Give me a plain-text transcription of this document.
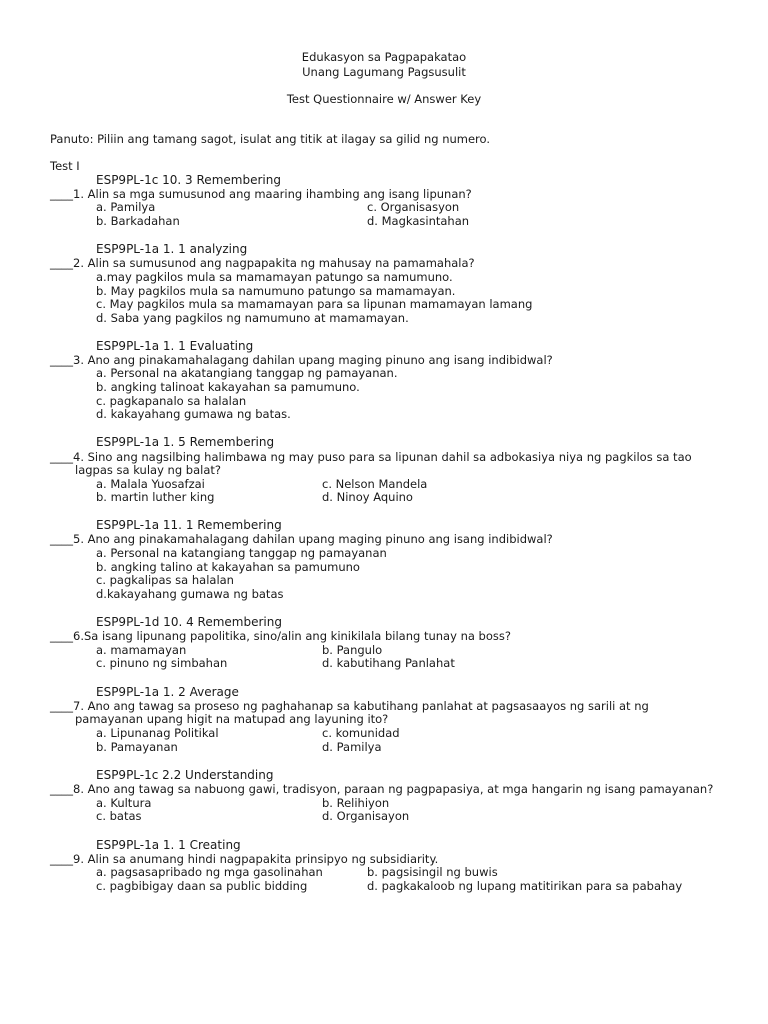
Edukasyon sa Pagpapakatao
Unang Lagumang Pagsusulit
Test Questionnaire w/ Answer Key
Panuto: Piliin ang tamang sagot, isulat ang titik at ilagay sa gilid ng numero.
Test I
ESP9PL-1c 10. 3 Remembering
____1. Alin sa mga sumusunod ang maaring ihambing ang isang lipunan?
a. Pamilya	c. Organisasyon
b. Barkadahan	d. Magkasintahan
ESP9PL-1a 1. 1 analyzing
____2. Alin sa sumusunod ang nagpapakita ng mahusay na pamamahala?
a.may pagkilos mula sa mamamayan patungo sa namumuno.
b. May pagkilos mula sa namumuno patungo sa mamamayan.
c. May pagkilos mula sa mamamayan para sa lipunan mamamayan lamang
d. Saba yang pagkilos ng namumuno at mamamayan.
ESP9PL-1a 1. 1 Evaluating
____3. Ano ang pinakamahalagang dahilan upang maging pinuno ang isang indibidwal?
a. Personal na akatangiang tanggap ng pamayanan.
b. angking talinoat kakayahan sa pamumuno.
c. pagkapanalo sa halalan
d. kakayahang gumawa ng batas.
ESP9PL-1a 1. 5 Remembering
____4. Sino ang nagsilbing halimbawa ng may puso para sa lipunan dahil sa adbokasiya niya ng pagkilos sa tao
lagpas sa kulay ng balat?
a. Malala Yuosafzai	c. Nelson Mandela
b. martin luther king	d. Ninoy Aquino
ESP9PL-1a 11. 1 Remembering
____5. Ano ang pinakamahalagang dahilan upang maging pinuno ang isang indibidwal?
a. Personal na katangiang tanggap ng pamayanan
b. angking talino at kakayahan sa pamumuno
c. pagkalipas sa halalan
d.kakayahang gumawa ng batas
ESP9PL-1d 10. 4 Remembering
____6.Sa isang lipunang papolitika, sino/alin ang kinikilala bilang tunay na boss?
a. mamamayan	b. Pangulo
c. pinuno ng simbahan	d. kabutihang Panlahat
ESP9PL-1a 1. 2 Average
____7. Ano ang tawag sa proseso ng paghahanap sa kabutihang panlahat at pagsasaayos ng sarili at ng
pamayanan upang higit na matupad ang layuning ito?
a. Lipunanag Politikal	c. komunidad
b. Pamayanan	d. Pamilya
ESP9PL-1c 2.2 Understanding
____8. Ano ang tawag sa nabuong gawi, tradisyon, paraan ng pagpapasiya, at mga hangarin ng isang pamayanan?
a. Kultura	b. Relihiyon
c. batas	d. Organisayon
ESP9PL-1a 1. 1 Creating
____9. Alin sa anumang hindi nagpapakita prinsipyo ng subsidiarity.
a. pagsasapribado ng mga gasolinahan	b. pagsisingil ng buwis
c. pagbibigay daan sa public bidding	d. pagkakaloob ng lupang matitirikan para sa pabahay
